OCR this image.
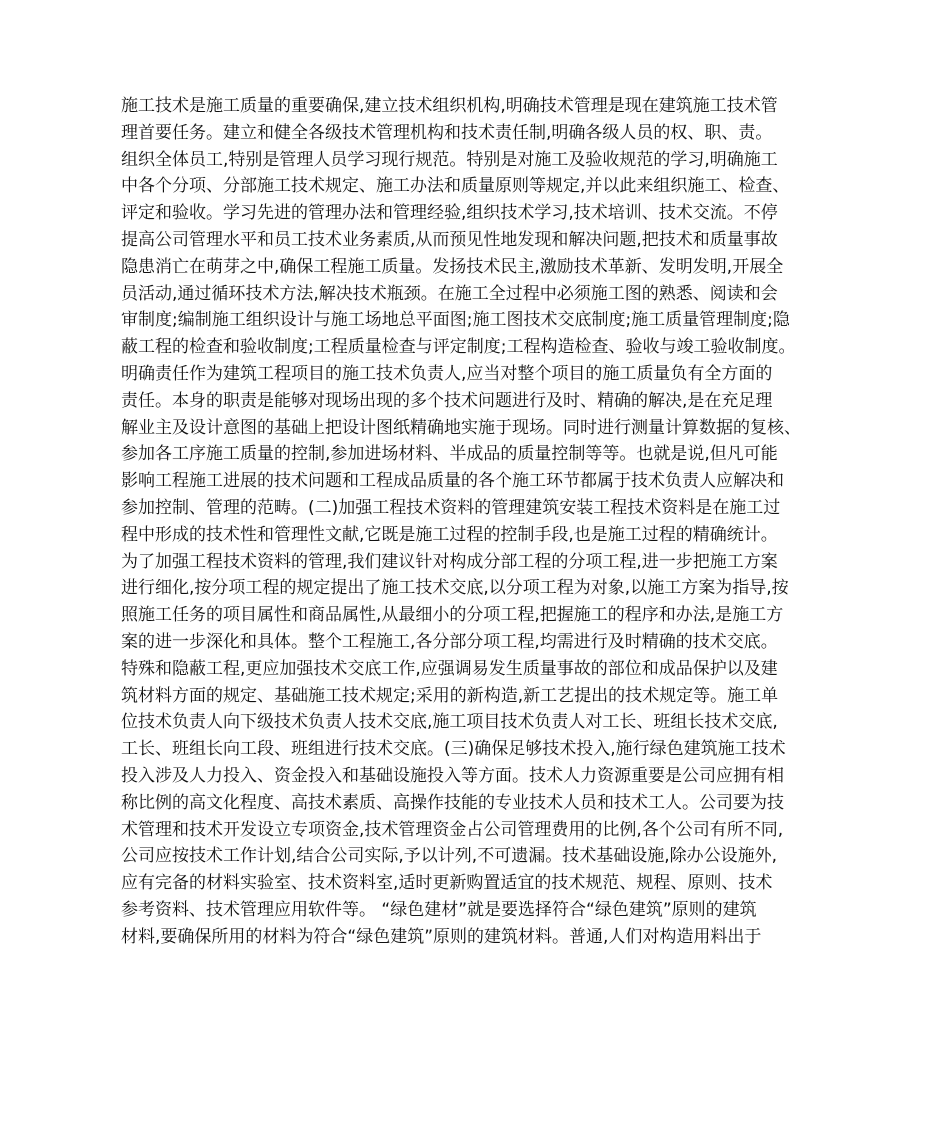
施工技术是施工质量的重要确保,建立技术组织机构,明确技术管理是现在建筑施工技术管
理首要任务。建立和健全各级技术管理机构和技术责任制,明确各级人员的权、职、责。
组织全体员工,特别是管理人员学习现行规范。特别是对施工及验收规范的学习,明确施工
中各个分项、分部施工技术规定、施工办法和质量原则等规定,并以此来组织施工、检查、
评定和验收。学习先进的管理办法和管理经验,组织技术学习,技术培训、技术交流。不停
提高公司管理水平和员工技术业务素质,从而预见性地发现和解决问题,把技术和质量事故
隐患消亡在萌芽之中,确保工程施工质量。发扬技术民主,激励技术革新、发明发明,开展全
员活动,通过循环技术方法,解决技术瓶颈。在施工全过程中必须施工图的熟悉、阅读和会
审制度;编制施工组织设计与施工场地总平面图;施工图技术交底制度;施工质量管理制度;隐
蔽工程的检查和验收制度;工程质量检查与评定制度;工程构造检查、验收与竣工验收制度。
明确责任作为建筑工程项目的施工技术负责人,应当对整个项目的施工质量负有全方面的
责任。本身的职责是能够对现场出现的多个技术问题进行及时、精确的解决,是在充足理
解业主及设计意图的基础上把设计图纸精确地实施于现场。同时进行测量计算数据的复核、
参加各工序施工质量的控制,参加进场材料、半成品的质量控制等等。也就是说,但凡可能
影响工程施工进展的技术问题和工程成品质量的各个施工环节都属于技术负责人应解决和
参加控制、管理的范畴。(二)加强工程技术资料的管理建筑安装工程技术资料是在施工过
程中形成的技术性和管理性文献,它既是施工过程的控制手段,也是施工过程的精确统计。
为了加强工程技术资料的管理,我们建议针对构成分部工程的分项工程,进一步把施工方案
进行细化,按分项工程的规定提出了施工技术交底,以分项工程为对象,以施工方案为指导,按
照施工任务的项目属性和商品属性,从最细小的分项工程,把握施工的程序和办法,是施工方
案的进一步深化和具体。整个工程施工,各分部分项工程,均需进行及时精确的技术交底。
特殊和隐蔽工程,更应加强技术交底工作,应强调易发生质量事故的部位和成品保护以及建
筑材料方面的规定、基础施工技术规定;采用的新构造,新工艺提出的技术规定等。施工单
位技术负责人向下级技术负责人技术交底,施工项目技术负责人对工长、班组长技术交底,
工长、班组长向工段、班组进行技术交底。(三)确保足够技术投入,施行绿色建筑施工技术
投入涉及人力投入、资金投入和基础设施投入等方面。技术人力资源重要是公司应拥有相
称比例的高文化程度、高技术素质、高操作技能的专业技术人员和技术工人。公司要为技
术管理和技术开发设立专项资金,技术管理资金占公司管理费用的比例,各个公司有所不同,
公司应按技术工作计划,结合公司实际,予以计列,不可遗漏。技术基础设施,除办公设施外,
应有完备的材料实验室、技术资料室,适时更新购置适宜的技术规范、规程、原则、技术
参考资料、技术管理应用软件等。 “绿色建材”就是要选择符合“绿色建筑”原则的建筑
材料,要确保所用的材料为符合“绿色建筑”原则的建筑材料。普通,人们对构造用料出于
